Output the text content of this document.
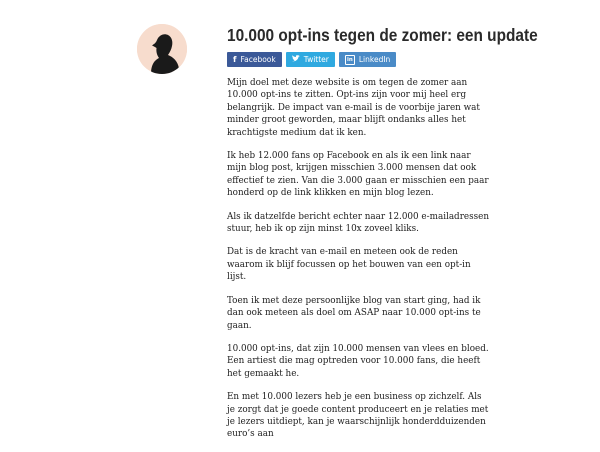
10.000 opt-ins tegen de zomer: een update
f Facebook	Twitter	in LinkedIn

Mijn doel met deze website is om tegen de zomer aan 10.000 opt-ins te zitten. Opt-ins zijn voor mij heel erg belangrijk. De impact van e-mail is de voorbije jaren wat minder groot geworden, maar blijft ondanks alles het krachtigste medium dat ik ken.

Ik heb 12.000 fans op Facebook en als ik een link naar mijn blog post, krijgen misschien 3.000 mensen dat ook effectief te zien. Van die 3.000 gaan er misschien een paar honderd op de link klikken en mijn blog lezen.

Als ik datzelfde bericht echter naar 12.000 e-mailadressen stuur, heb ik op zijn minst 10x zoveel kliks.

Dat is de kracht van e-mail en meteen ook de reden waarom ik blijf focussen op het bouwen van een opt-in lijst.

Toen ik met deze persoonlijke blog van start ging, had ik dan ook meteen als doel om ASAP naar 10.000 opt-ins te gaan.

10.000 opt-ins, dat zijn 10.000 mensen van vlees en bloed. Een artiest die mag optreden voor 10.000 fans, die heeft het gemaakt he.

En met 10.000 lezers heb je een business op zichzelf. Als je zorgt dat je goede content produceert en je relaties met je lezers uitdiept, kan je waarschijnlijk honderdduizenden euro’s aan
